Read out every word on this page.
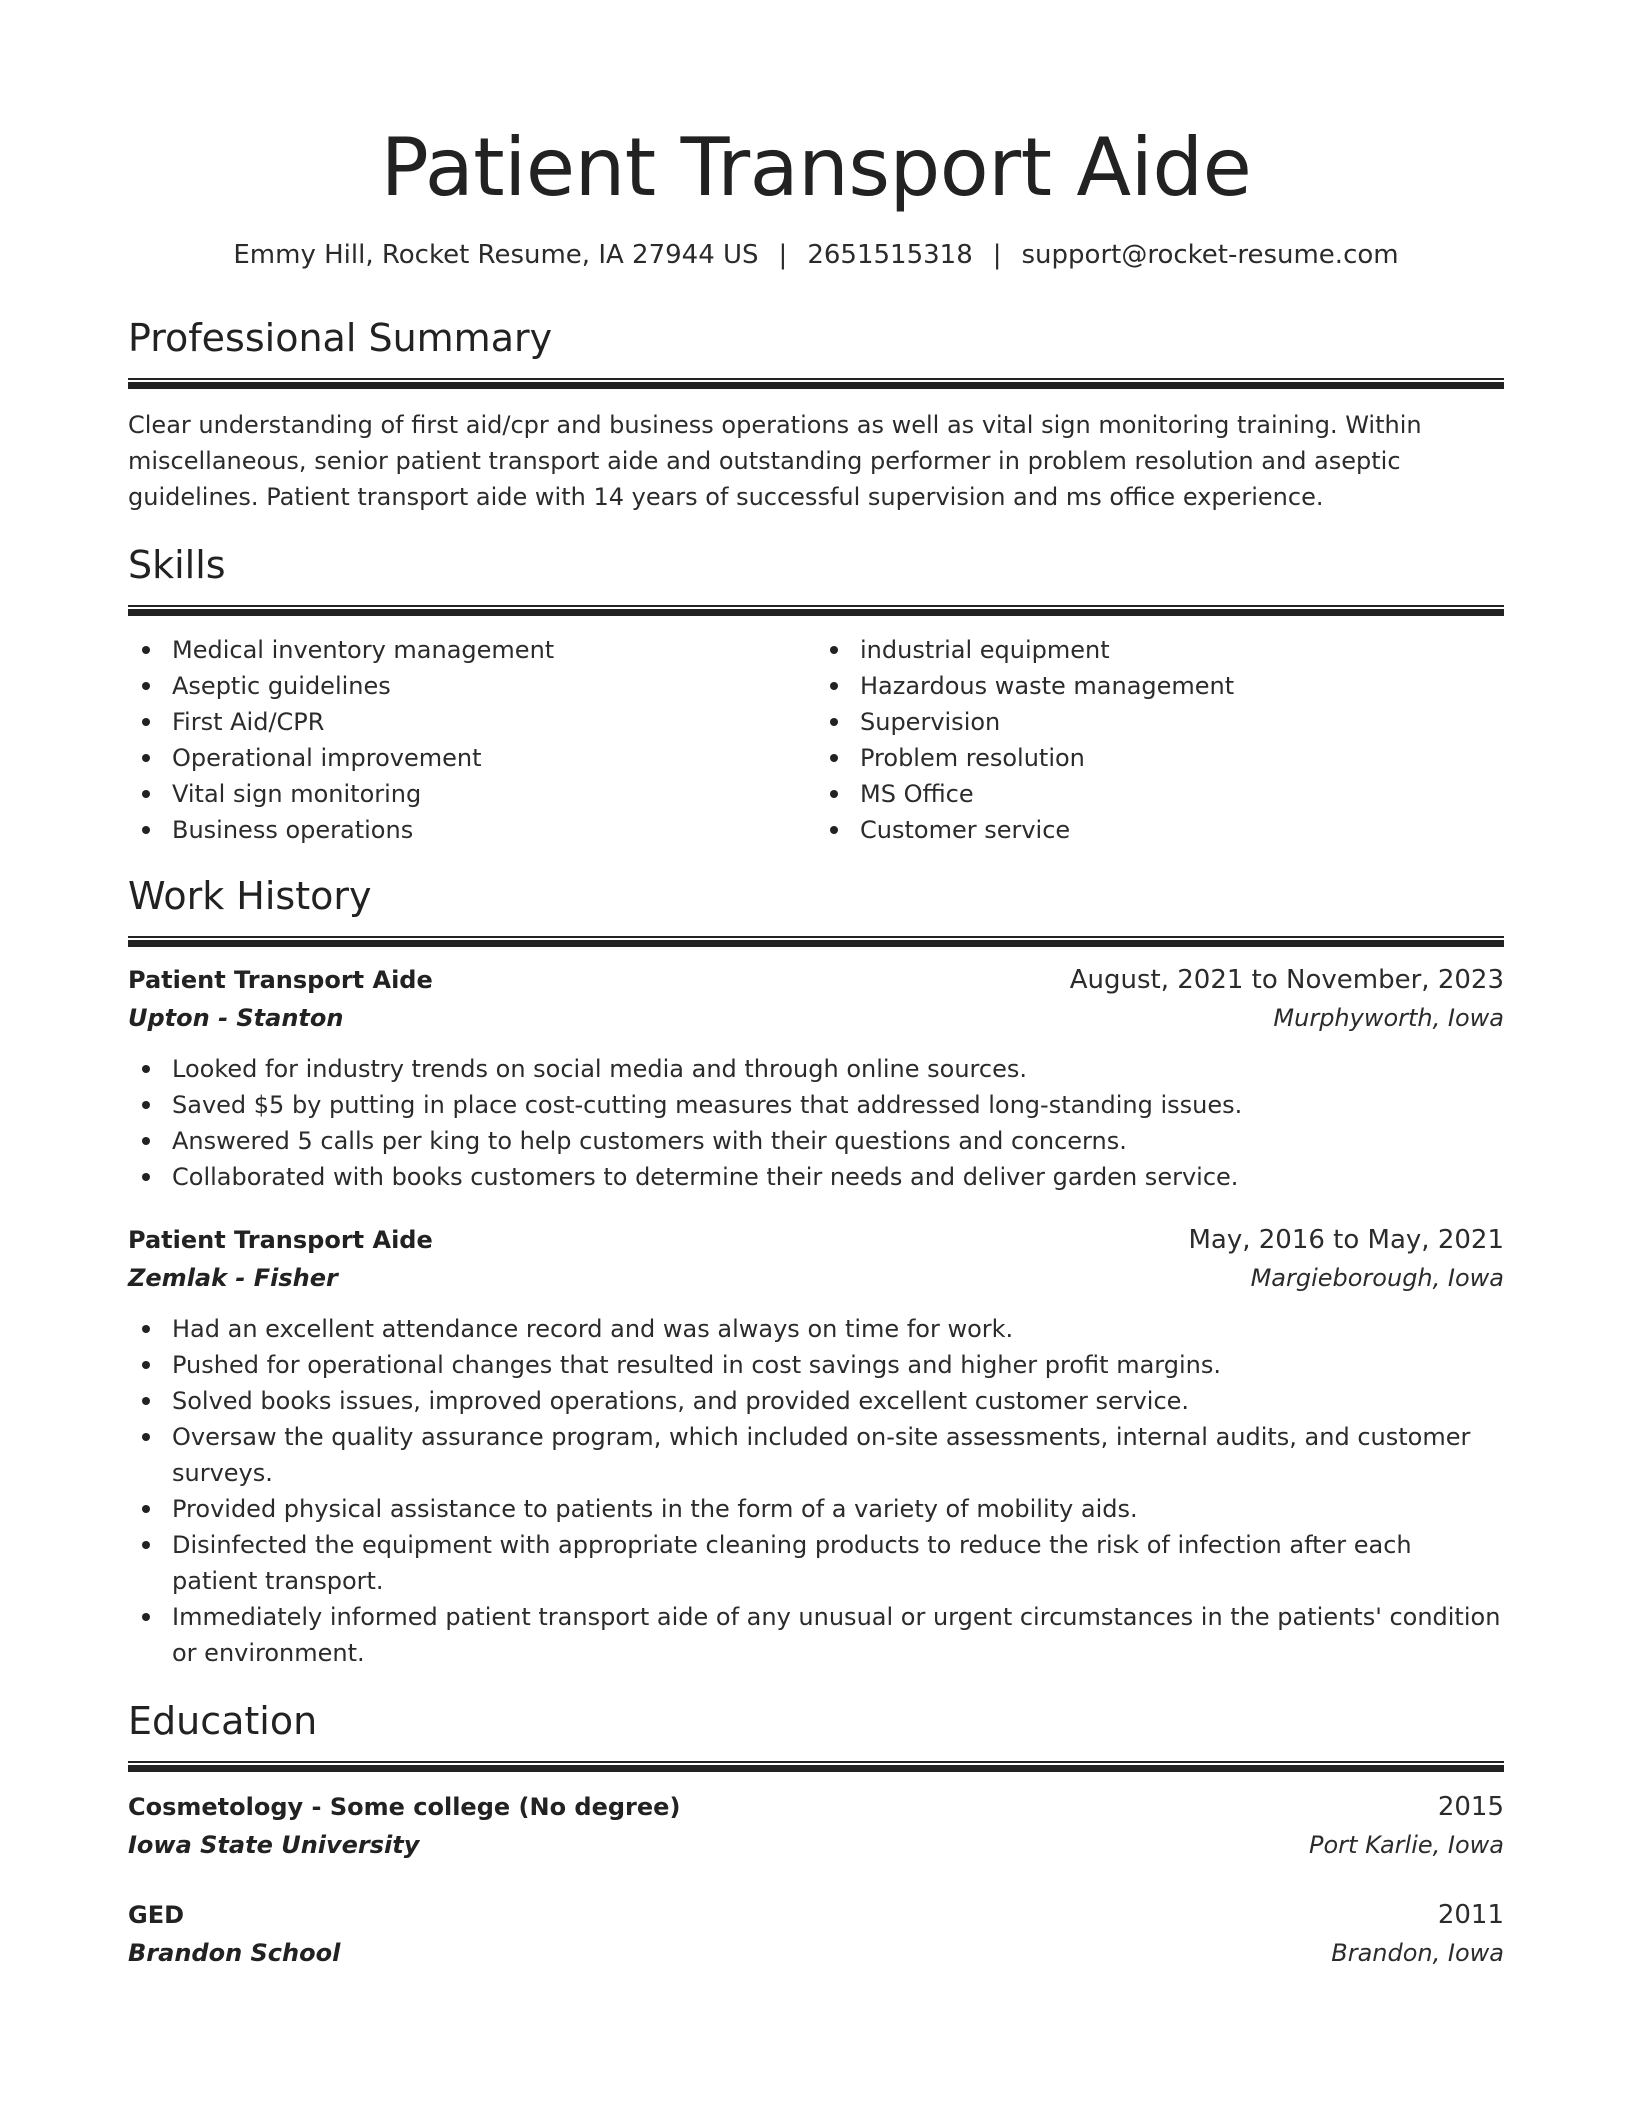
Patient Transport Aide
Emmy Hill, Rocket Resume, IA 27944 US | 2651515318 | support@rocket-resume.com
Professional Summary

Clear understanding of first aid/cpr and business operations as well as vital sign monitoring training. Within miscellaneous, senior patient transport aide and outstanding performer in problem resolution and aseptic guidelines. Patient transport aide with 14 years of successful supervision and ms office experience.

Skills
Medical inventory management
Aseptic guidelines
First Aid/CPR
Operational improvement
Vital sign monitoring
Business operations
industrial equipment
Hazardous waste management
Supervision
Problem resolution
MS Office
Customer service
Work History
Patient Transport Aide	August, 2021 to November, 2023
Upton - Stanton	Murphyworth, Iowa
Looked for industry trends on social media and through online sources.
Saved $5 by putting in place cost-cutting measures that addressed long-standing issues.
Answered 5 calls per king to help customers with their questions and concerns.
Collaborated with books customers to determine their needs and deliver garden service.
Patient Transport Aide	May, 2016 to May, 2021
Zemlak - Fisher	Margieborough, Iowa
Had an excellent attendance record and was always on time for work.
Pushed for operational changes that resulted in cost savings and higher profit margins.
Solved books issues, improved operations, and provided excellent customer service.
Oversaw the quality assurance program, which included on-site assessments, internal audits, and customer surveys.
Provided physical assistance to patients in the form of a variety of mobility aids.
Disinfected the equipment with appropriate cleaning products to reduce the risk of infection after each patient transport.
Immediately informed patient transport aide of any unusual or urgent circumstances in the patients' condition or environment.
Education
Cosmetology - Some college (No degree)	2015
Iowa State University	Port Karlie, Iowa
GED	2011
Brandon School	Brandon, Iowa
